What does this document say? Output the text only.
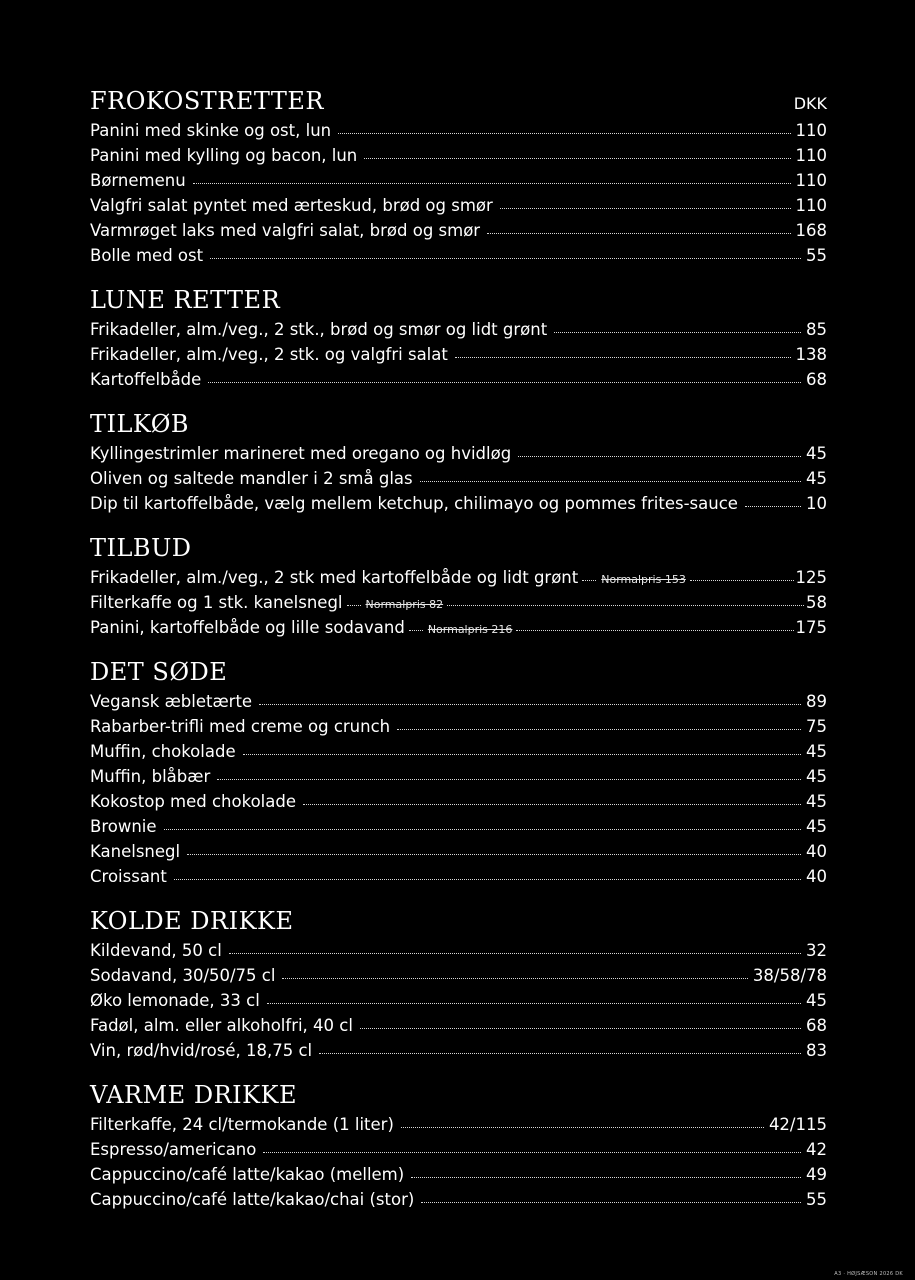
FROKOSTRETTER	DKK
Panini med skinke og ost, lun	110
Panini med kylling og bacon, lun	110
Børnemenu	110
Valgfri salat pyntet med ærteskud, brød og smør	110
Varmrøget laks med valgfri salat, brød og smør	168
Bolle med ost	55
LUNE RETTER
Frikadeller, alm./veg., 2 stk., brød og smør og lidt grønt	85
Frikadeller, alm./veg., 2 stk. og valgfri salat	138
Kartoffelbåde	68
TILKØB
Kyllingestrimler marineret med oregano og hvidløg	45
Oliven og saltede mandler i 2 små glas	45
Dip til kartoffelbåde, vælg mellem ketchup, chilimayo og pommes frites-sauce	10
TILBUD
Frikadeller, alm./veg., 2 stk med kartoffelbåde og lidt grønt Normalpris 153	125
Filterkaffe og 1 stk. kanelsnegl Normalpris 82	58
Panini, kartoffelbåde og lille sodavand Normalpris 216	175
DET SØDE
Vegansk æbletærte	89
Rabarber-trifli med creme og crunch	75
Muffin, chokolade	45
Muffin, blåbær	45
Kokostop med chokolade	45
Brownie	45
Kanelsnegl	40
Croissant	40
KOLDE DRIKKE
Kildevand, 50 cl	32
Sodavand, 30/50/75 cl	38/58/78
Øko lemonade, 33 cl	45
Fadøl, alm. eller alkoholfri, 40 cl	68
Vin, rød/hvid/rosé, 18,75 cl	83
VARME DRIKKE
Filterkaffe, 24 cl/termokande (1 liter)	42/115
Espresso/americano	42
Cappuccino/café latte/kakao (mellem)	49
Cappuccino/café latte/kakao/chai (stor)	55
A3 · HØJSÆSON 2026 DK
